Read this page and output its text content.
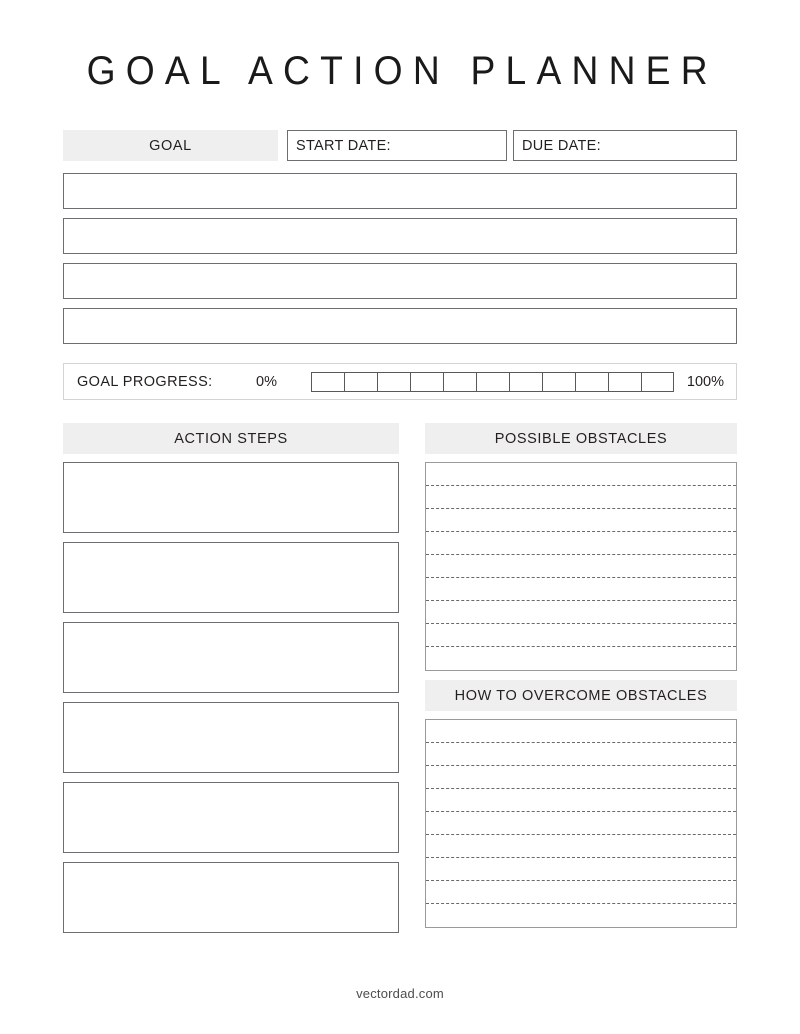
GOAL ACTION PLANNER
GOAL	START DATE:	DUE DATE:
GOAL PROGRESS:	0%	100%
ACTION STEPS	POSSIBLE OBSTACLES
HOW TO OVERCOME OBSTACLES
vectordad.com
